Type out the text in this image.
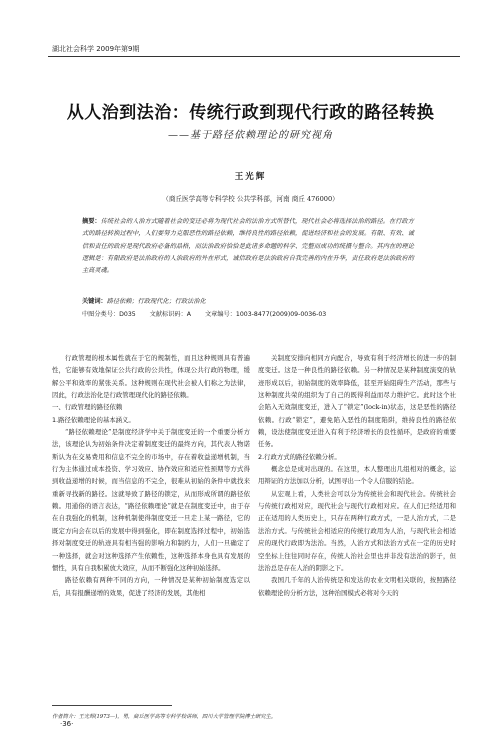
湖北社会科学 2009年第9期
从人治到法治：传统行政到现代行政的路径转换
——基于路径依赖理论的研究视角
王光辉
（商丘医学高等专科学校 公共学科部，河南 商丘 476000）
摘要：传统社会的人治方式随着社会的变迁必将为现代社会的法治方式所替代，现代社会必将选择法治的路径。在行政方式的路径转换过程中，人们要努力克服恶性的路径依赖，维持良性的路径依赖，促进经济和社会的发展。有限、有效、诚信和责任的政府是现代政府必备的品格，而法治政府恰恰是此诸多命题的科学、完整而成功的统摄与整合。其内在的理论逻辑是：有限政府是法治政府的人治政府的外在形式，诚信政府是法治政府自我完善的内在升华，责任政府是法治政府的主高灵魂。
关键词：路径依赖；行政现代化；行政法治化
中图分类号：D035 文献标识码：A 文章编号：1003-8477(2009)09-0036-03

行政管理的根本属性就在于它的规制性，而且这种规则具有普遍性，它能够有效地保证公共行政的公共性，体现公共行政的物理，缓解公平和效率的紧张关系。这种规则在现代社会被人们称之为法律，因此，行政法治化是行政管理现代化的路径依赖。

一、行政管理的路径依赖

1.路径依赖理论的基本涵义。

“路径依赖理论”是制度经济学中关于制度变迁的一个重要分析方法，该理论认为初始条件决定着制度变迁的最终方向，其代表人物诺斯认为在交易费用和信息不完全的市场中，存在着收益递增机制，当行为主体通过成本投资、学习效应、协作效应和适应性预期等方式得到收益递增的时候，而当信息的不完全，很难从初始的条件中就找来重新寻找新的路径。这就导致了路径的锁定，从而形成所谓的路径依赖。用通俗的语言表达，“路径依赖理论”就是在制度变迁中，由于存在自我强化的机制，这种机制使得制度变迁一旦走上某一路径，它的既定方向会在以后的发展中得到强化，即在制度选择过程中，初始选择对制度变迁的轨迹具有相当强的影响力和制约力，人们一旦确定了一种选择，就会对这种选择产生依赖性，这种选择本身也具有发展的惯性，具有自我积累放大效应，从而不断强化这种初始选择。

路径依赖有两种不同的方向，一种情况是某种初始制度选定以后，具有报酬递增的效果，促进了经济的发展，其他相

关制度安排向相同方向配合，导致有利于经济增长的进一步的制度变迁。这是一种良性的路径依赖。另一种情况是某种制度演变的轨迹形成以后，初始制度的效率降低，甚至开始阻碍生产活动，那些与这种制度共荣的组织为了自己的既得利益而尽力维护它。此时这个社会陷入无效制度变迁，进入了“锁定”(lock-in)状态，这是恶性的路径依赖。行政“锁定”，避免陷入恶性的制度陷阱，维持良性的路径依赖，设法使制度变迁进入有利于经济增长的良性循环，是政府的重要任务。

2.行政方式的路径依赖分析。

概念总是成对出现的。在这里，本人整理出几组相对的概念，运用辩证的方法加以分析，试图寻出一个令人信服的结论。

从宏观上看，人类社会可以分为传统社会和现代社会。传统社会与传统行政相对应，现代社会与现代行政相对应。在人们已经适用和正在适用的人类历史上，只存在两种行政方式，一是人治方式，二是法治方式。与传统社会相适应的传统行政用为人治，与现代社会相适应的现代行政即为法治。当然，人治方式和法治方式在一定的历史时空坐标上往往同时存在，传统人治社会里也并非没有法治的影子，但法治总是存在人治的阴影之下。

我国几千年的人治传统是和发达的农业文明相关联的，按照路径依赖理论的分析方法，这种治国模式必将对今天的

作者简介：王光辉(1973—)，男，商丘医学高等专科学校讲师，四川大学管理学院博士研究生。
·36·
